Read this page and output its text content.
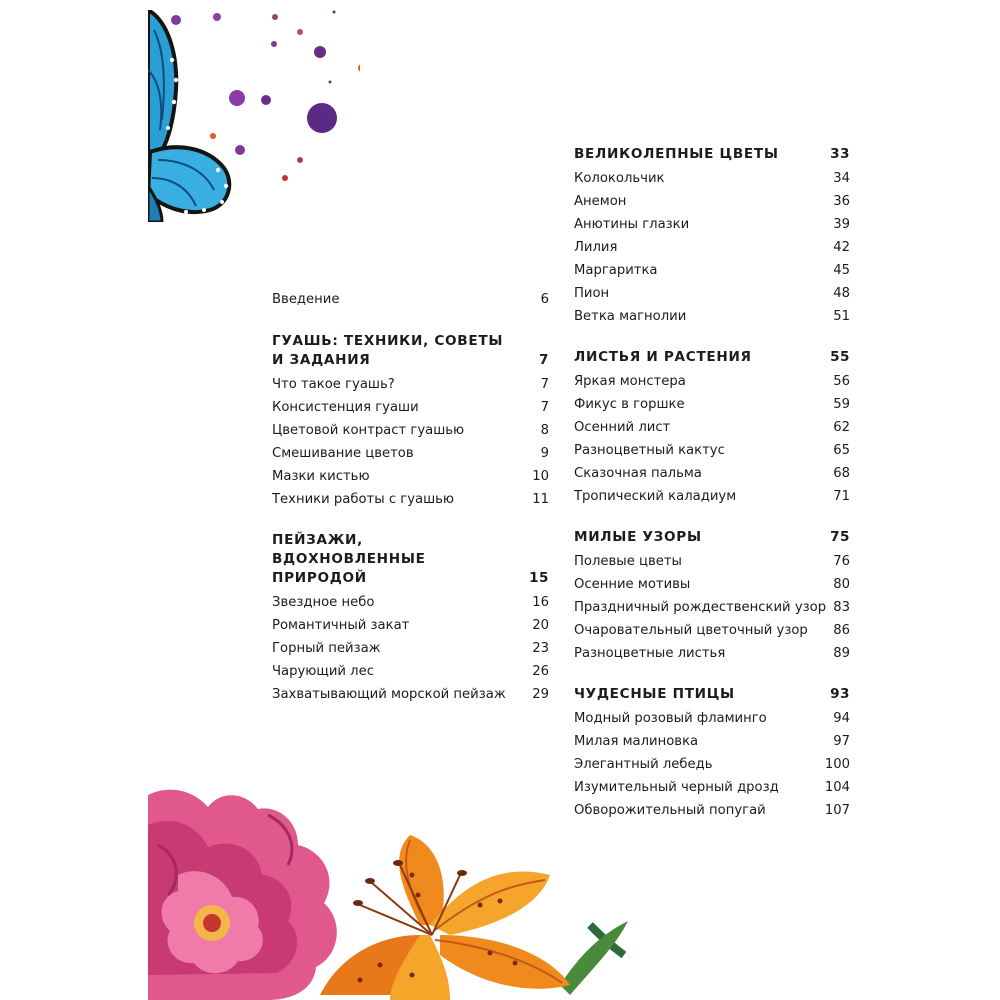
Введение	6
ГУАШЬ: ТЕХНИКИ, СОВЕТЫ И ЗАДАНИЯ	7
Что такое гуашь?	7
Консистенция гуаши	7
Цветовой контраст гуашью	8
Смешивание цветов	9
Мазки кистью	10
Техники работы с гуашью	11
ПЕЙЗАЖИ, ВДОХНОВЛЕННЫЕ ПРИРОДОЙ	15
Звездное небо	16
Романтичный закат	20
Горный пейзаж	23
Чарующий лес	26
Захватывающий морской пейзаж 29
ВЕЛИКОЛЕПНЫЕ ЦВЕТЫ	33
Колокольчик	34
Анемон	36
Анютины глазки	39
Лилия	42
Маргаритка	45
Пион	48
Ветка магнолии	51
ЛИСТЬЯ И РАСТЕНИЯ	55
Яркая монстера	56
Фикус в горшке	59
Осенний лист	62
Разноцветный кактус	65
Сказочная пальма	68
Тропический каладиум	71
МИЛЫЕ УЗОРЫ	75
Полевые цветы	76
Осенние мотивы	80
Праздничный рождественский узор 83
Очаровательный цветочный узор 86
Разноцветные листья	89
ЧУДЕСНЫЕ ПТИЦЫ	93
Модный розовый фламинго	94
Милая малиновка	97
Элегантный лебедь	100
Изумительный черный дрозд	104
Обворожительный попугай	107
